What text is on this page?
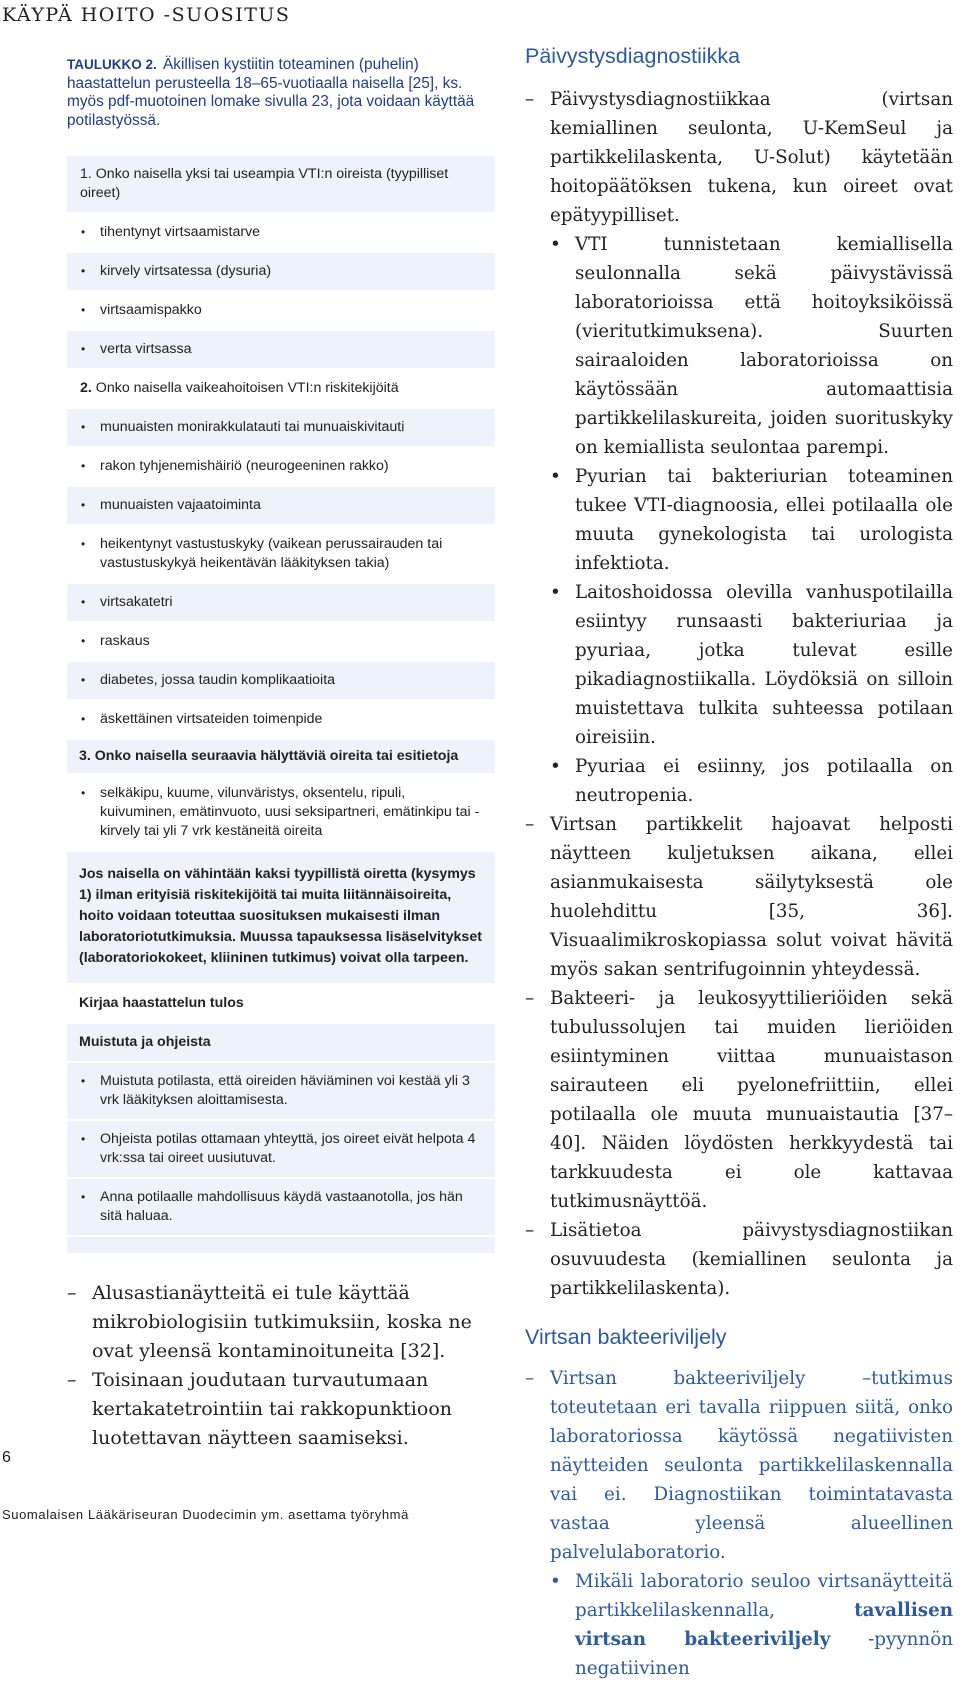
KÄYPÄ HOITO -SUOSITUS
TAULUKKO 2. Äkillisen kystiitin toteaminen (puhelin) haastattelun perusteella 18–65-vuotiaalla naisella [25], ks. myös pdf-muotoinen lomake sivulla 23, jota voidaan käyttää potilastyössä.
1. Onko naisella yksi tai useampia VTI:n oireista (tyypilliset oireet)
• tihentynyt virtsaamistarve
• kirvely virtsatessa (dysuria)
• virtsaamispakko
• verta virtsassa
2. Onko naisella vaikeahoitoisen VTI:n riskitekijöitä
• munuaisten monirakkulatauti tai munuaiskivitauti
• rakon tyhjenemishäiriö (neurogeeninen rakko)
• munuaisten vajaatoiminta
• heikentynyt vastustuskyky (vaikean perussairauden tai vastustuskykyä heikentävän lääkityksen takia)
• virtsakatetri
• raskaus
• diabetes, jossa taudin komplikaatioita
• äskettäinen virtsateiden toimenpide
3. Onko naisella seuraavia hälyttäviä oireita tai esitietoja
• selkäkipu, kuume, vilunväristys, oksentelu, ripuli, kuivuminen, emätinvuoto, uusi seksipartneri, emätinkipu tai -kirvely tai yli 7 vrk kestäneitä oireita
Jos naisella on vähintään kaksi tyypillistä oiretta (kysymys 1) ilman erityisiä riskitekijöitä tai muita liitännäisoireita, hoito voidaan toteuttaa suosituksen mukaisesti ilman laboratoriotutkimuksia. Muussa tapauksessa lisäselvitykset (laboratoriokokeet, kliininen tutkimus) voivat olla tarpeen.
Kirjaa haastattelun tulos
Muistuta ja ohjeista
• Muistuta potilasta, että oireiden häviäminen voi kestää yli 3 vrk lääkityksen aloittamisesta.
• Ohjeista potilas ottamaan yhteyttä, jos oireet eivät helpota 4 vrk:ssa tai oireet uusiutuvat.
• Anna potilaalle mahdollisuus käydä vastaanotolla, jos hän sitä haluaa.
– Alusastianäytteitä ei tule käyttää mikrobiologisiin tutkimuksiin, koska ne ovat yleensä kontaminoituneita [32].
– Toisinaan joudutaan turvautumaan kertakatetrointiin tai rakkopunktioon luotettavan näytteen saamiseksi.
6
Suomalaisen Lääkäriseuran Duodecimin ym. asettama työryhmä
Päivystysdiagnostiikka
– Päivystysdiagnostiikkaa (virtsan kemiallinen seulonta, U-KemSeul ja partikkelilaskenta, U-Solut) käytetään hoitopäätöksen tukena, kun oireet ovat epätyypilliset.
• VTI tunnistetaan kemiallisella seulonnalla sekä päivystävissä laboratorioissa että hoitoyksiköissä (vieritutkimuksena). Suurten sairaaloiden laboratorioissa on käytössään automaattisia partikkelilaskureita, joiden suorituskyky on kemiallista seulontaa parempi.
• Pyurian tai bakteriurian toteaminen tukee VTI-diagnoosia, ellei potilaalla ole muuta gynekologista tai urologista infektiota.
• Laitoshoidossa olevilla vanhuspotilailla esiintyy runsaasti bakteriuriaa ja pyuriaa, jotka tulevat esille pikadiagnostiikalla. Löydöksiä on silloin muistettava tulkita suhteessa potilaan oireisiin.
• Pyuriaa ei esiinny, jos potilaalla on neutropenia.
– Virtsan partikkelit hajoavat helposti näytteen kuljetuksen aikana, ellei asianmukaisesta säilytyksestä ole huolehdittu [35, 36]. Visuaalimikroskopiassa solut voivat hävitä myös sakan sentrifugoinnin yhteydessä.
– Bakteeri- ja leukosyyttilieriöiden sekä tubulussolujen tai muiden lieriöiden esiintyminen viittaa munuaistason sairauteen eli pyelonefriittiin, ellei potilaalla ole muuta munuaistautia [37–40]. Näiden löydösten herkkyydestä tai tarkkuudesta ei ole kattavaa tutkimusnäyttöä.
– Lisätietoa päivystysdiagnostiikan osuvuudesta (kemiallinen seulonta ja partikkelilaskenta).
Virtsan bakteeriviljely
– Virtsan bakteeriviljely –tutkimus toteutetaan eri tavalla riippuen siitä, onko laboratoriossa käytössä negatiivisten näytteiden seulonta partikkelilaskennalla vai ei. Diagnostiikan toimintatavasta vastaa yleensä alueellinen palvelulaboratorio.
• Mikäli laboratorio seuloo virtsanäytteitä partikkelilaskennalla, tavallisen virtsan bakteeriviljely -pyynnön negatiivinen
